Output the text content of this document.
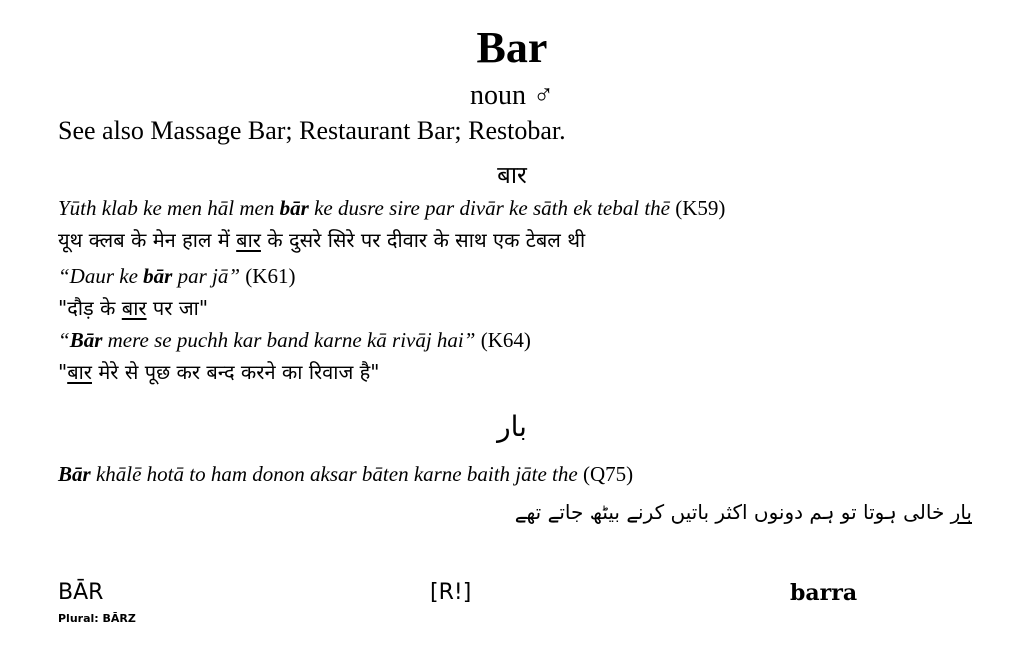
Bar
noun ♂
See also Massage Bar; Restaurant Bar; Restobar.
बार
Yūth klab ke men hāl men bār ke dusre sire par divār ke sāth ek tebal thē (K59)
यूथ क्लब के मेन हाल में बार के दुसरे सिरे पर दीवार के साथ एक टेबल थी
“Daur ke bār par jā” (K61)
"दौड़ के बार पर जा"
“Bār mere se puchh kar band karne kā rivāj hai” (K64)
"बार मेरे से पूछ कर बन्द करने का रिवाज है"
بار
Bār khālē hotā to ham donon aksar bāten karne baith jāte the (Q75)
بار خالی ہوتا تو ہم دونوں اکثر باتیں کرنے بیٹھ جاتے تھے
BĀR
Plural: BĀRZ
[R!]	barra
